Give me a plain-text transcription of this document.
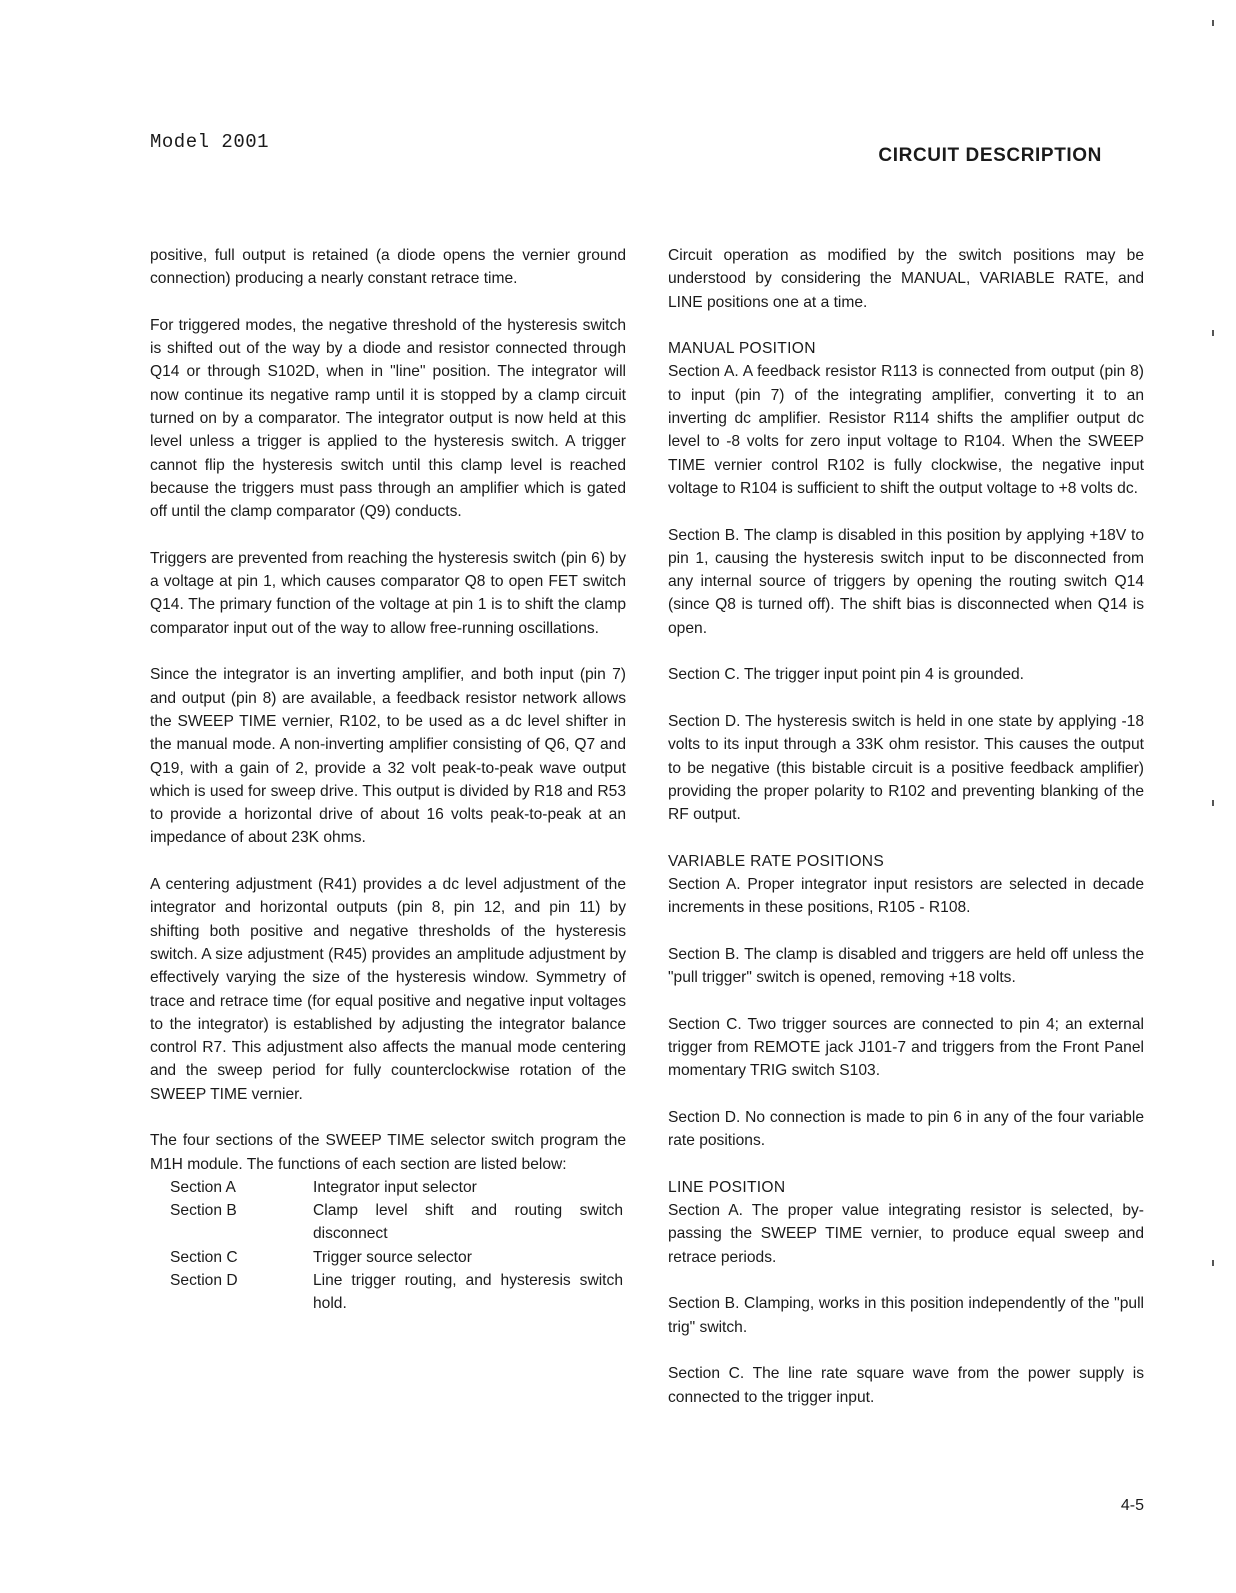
Model 2001
CIRCUIT DESCRIPTION

positive, full output is retained (a diode opens the vernier ground connection) producing a nearly constant retrace time.

For triggered modes, the negative threshold of the hysteresis switch is shifted out of the way by a diode and resistor connected through Q14 or through S102D, when in "line" position. The integrator will now continue its negative ramp until it is stopped by a clamp circuit turned on by a comparator. The integrator output is now held at this level unless a trigger is applied to the hysteresis switch. A trigger cannot flip the hysteresis switch until this clamp level is reached because the triggers must pass through an amplifier which is gated off until the clamp comparator (Q9) conducts.

Triggers are prevented from reaching the hysteresis switch (pin 6) by a voltage at pin 1, which causes comparator Q8 to open FET switch Q14. The primary function of the voltage at pin 1 is to shift the clamp comparator input out of the way to allow free-running oscillations.

Since the integrator is an inverting amplifier, and both input (pin 7) and output (pin 8) are available, a feedback resistor network allows the SWEEP TIME vernier, R102, to be used as a dc level shifter in the manual mode. A non-inverting amplifier consisting of Q6, Q7 and Q19, with a gain of 2, provide a 32 volt peak-to-peak wave output which is used for sweep drive. This output is divided by R18 and R53 to provide a horizontal drive of about 16 volts peak-to-peak at an impedance of about 23K ohms.

A centering adjustment (R41) provides a dc level adjustment of the integrator and horizontal outputs (pin 8, pin 12, and pin 11) by shifting both positive and negative thresholds of the hysteresis switch. A size adjustment (R45) provides an amplitude adjustment by effectively varying the size of the hysteresis window. Symmetry of trace and retrace time (for equal positive and negative input voltages to the integrator) is established by adjusting the integrator balance control R7. This adjustment also affects the manual mode centering and the sweep period for fully counterclockwise rotation of the SWEEP TIME vernier.

The four sections of the SWEEP TIME selector switch program the M1H module. The functions of each section are listed below:

Section A	Integrator input selector
Section B	Clamp level shift and routing switch disconnect
Section C	Trigger source selector
Section D	Line trigger routing, and hysteresis switch hold.

Circuit operation as modified by the switch positions may be understood by considering the MANUAL, VARIABLE RATE, and LINE positions one at a time.

MANUAL POSITION

Section A. A feedback resistor R113 is connected from output (pin 8) to input (pin 7) of the integrating amplifier, converting it to an inverting dc amplifier. Resistor R114 shifts the amplifier output dc level to -8 volts for zero input voltage to R104. When the SWEEP TIME vernier control R102 is fully clockwise, the negative input voltage to R104 is sufficient to shift the output voltage to +8 volts dc.

Section B. The clamp is disabled in this position by applying +18V to pin 1, causing the hysteresis switch input to be disconnected from any internal source of triggers by opening the routing switch Q14 (since Q8 is turned off). The shift bias is disconnected when Q14 is open.

Section C. The trigger input point pin 4 is grounded.

Section D. The hysteresis switch is held in one state by applying -18 volts to its input through a 33K ohm resistor. This causes the output to be negative (this bistable circuit is a positive feedback amplifier) providing the proper polarity to R102 and preventing blanking of the RF output.

VARIABLE RATE POSITIONS

Section A. Proper integrator input resistors are selected in decade increments in these positions, R105 - R108.

Section B. The clamp is disabled and triggers are held off unless the "pull trigger" switch is opened, removing +18 volts.

Section C. Two trigger sources are connected to pin 4; an external trigger from REMOTE jack J101-7 and triggers from the Front Panel momentary TRIG switch S103.

Section D. No connection is made to pin 6 in any of the four variable rate positions.

LINE POSITION

Section A. The proper value integrating resistor is selected, by-passing the SWEEP TIME vernier, to produce equal sweep and retrace periods.

Section B. Clamping, works in this position independently of the "pull trig" switch.

Section C. The line rate square wave from the power supply is connected to the trigger input.

4-5
